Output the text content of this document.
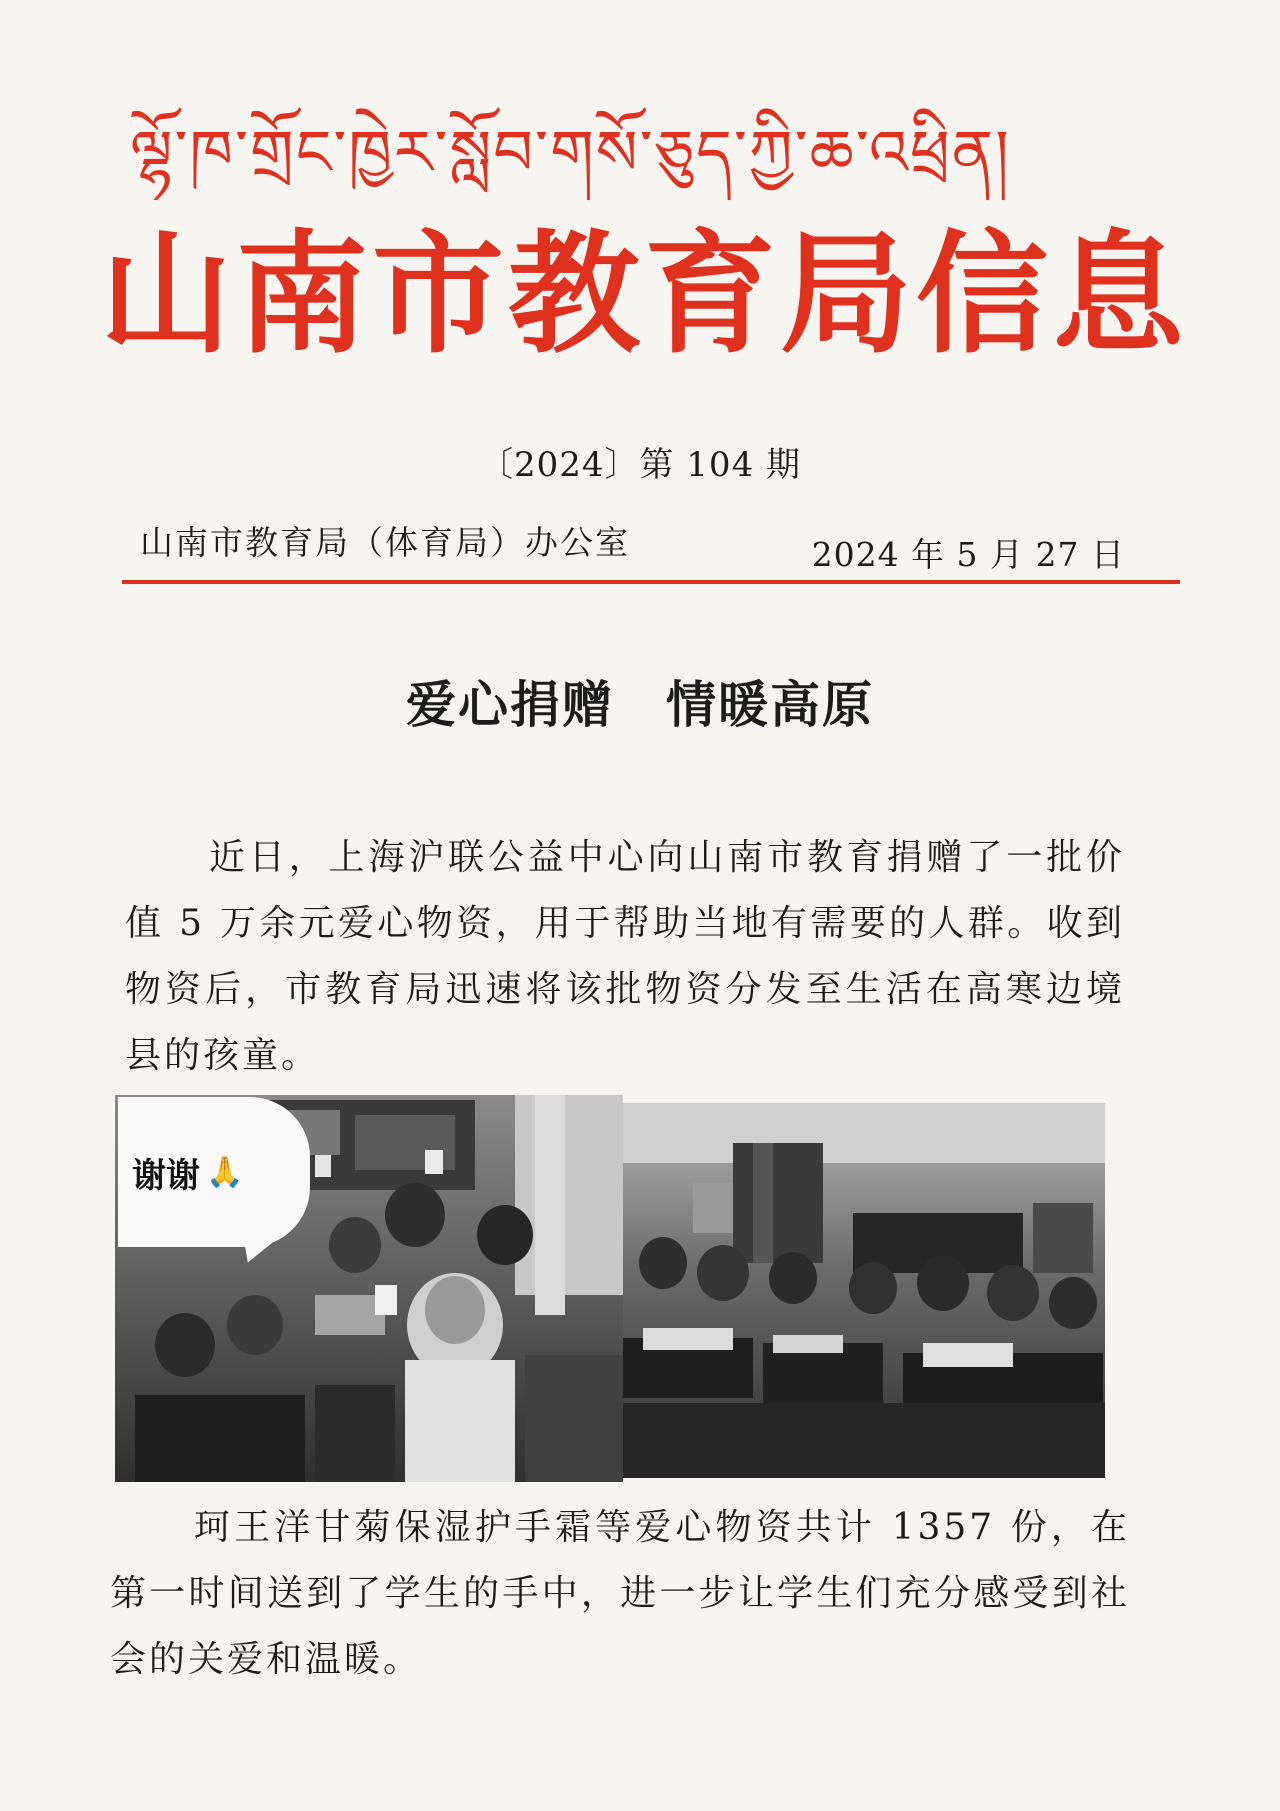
ལྷོ་ཁ་གྲོང་ཁྱེར་སློབ་གསོ་ཅུད་ཀྱི་ཆ་འཕྲིན།
山南市教育局信息
〔2024〕第 104 期
山南市教育局（体育局）办公室	2024 年 5 月 27 日
爱心捐赠　情暖高原
近日，上海沪联公益中心向山南市教育捐赠了一批价值 5 万余元爱心物资，用于帮助当地有需要的人群。收到物资后，市教育局迅速将该批物资分发至生活在高寒边境县的孩童。
谢谢 🙏
珂王洋甘菊保湿护手霜等爱心物资共计 1357 份，在第一时间送到了学生的手中，进一步让学生们充分感受到社会的关爱和温暖。
